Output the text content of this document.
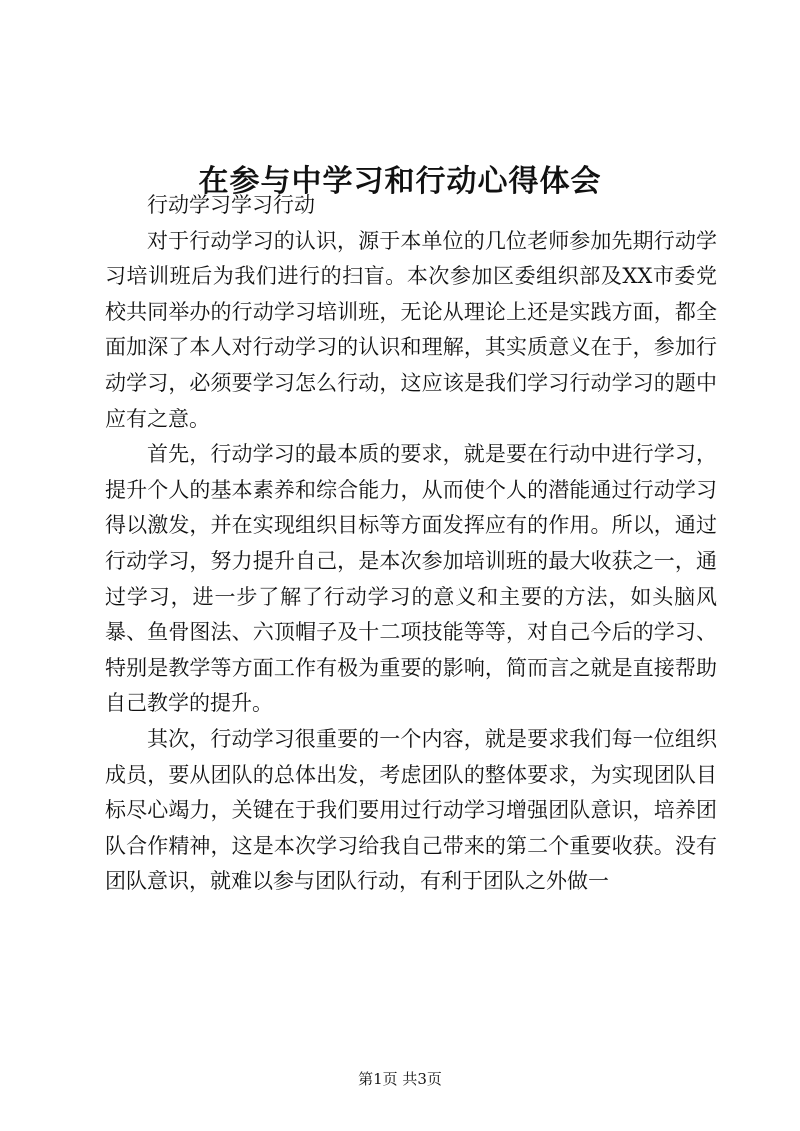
在参与中学习和行动心得体会

行动学习学习行动

对于行动学习的认识，源于本单位的几位老师参加先期行动学习培训班后为我们进行的扫盲。本次参加区委组织部及XX市委党校共同举办的行动学习培训班，无论从理论上还是实践方面，都全面加深了本人对行动学习的认识和理解，其实质意义在于，参加行动学习，必须要学习怎么行动，这应该是我们学习行动学习的题中应有之意。

首先，行动学习的最本质的要求，就是要在行动中进行学习，提升个人的基本素养和综合能力，从而使个人的潜能通过行动学习得以激发，并在实现组织目标等方面发挥应有的作用。所以，通过行动学习，努力提升自己，是本次参加培训班的最大收获之一，通过学习，进一步了解了行动学习的意义和主要的方法，如头脑风暴、鱼骨图法、六顶帽子及十二项技能等等，对自己今后的学习、特别是教学等方面工作有极为重要的影响，简而言之就是直接帮助自己教学的提升。

其次，行动学习很重要的一个内容，就是要求我们每一位组织成员，要从团队的总体出发，考虑团队的整体要求，为实现团队目标尽心竭力，关键在于我们要用过行动学习增强团队意识，培养团队合作精神，这是本次学习给我自己带来的第二个重要收获。没有团队意识，就难以参与团队行动，有利于团队之外做一

第1页 共3页
